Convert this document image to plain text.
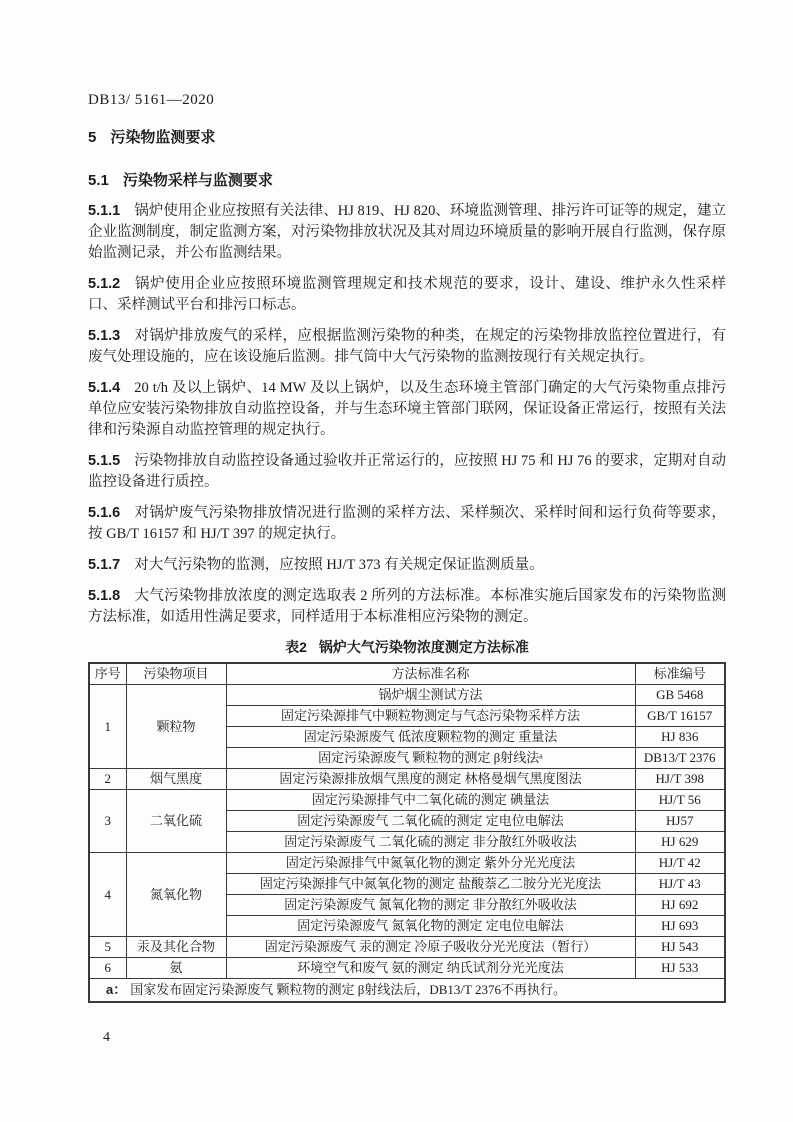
DB13/ 5161—2020
5 污染物监测要求
5.1 污染物采样与监测要求
5.1.1 锅炉使用企业应按照有关法律、HJ 819、HJ 820、环境监测管理、排污许可证等的规定，建立企业监测制度，制定监测方案，对污染物排放状况及其对周边环境质量的影响开展自行监测，保存原始监测记录，并公布监测结果。
5.1.2 锅炉使用企业应按照环境监测管理规定和技术规范的要求，设计、建设、维护永久性采样口、采样测试平台和排污口标志。
5.1.3 对锅炉排放废气的采样，应根据监测污染物的种类，在规定的污染物排放监控位置进行，有废气处理设施的，应在该设施后监测。排气筒中大气污染物的监测按现行有关规定执行。
5.1.4 20 t/h 及以上锅炉、14 MW 及以上锅炉，以及生态环境主管部门确定的大气污染物重点排污单位应安装污染物排放自动监控设备，并与生态环境主管部门联网，保证设备正常运行，按照有关法律和污染源自动监控管理的规定执行。
5.1.5 污染物排放自动监控设备通过验收并正常运行的，应按照 HJ 75 和 HJ 76 的要求，定期对自动监控设备进行质控。
5.1.6 对锅炉废气污染物排放情况进行监测的采样方法、采样频次、采样时间和运行负荷等要求，按 GB/T 16157 和 HJ/T 397 的规定执行。
5.1.7 对大气污染物的监测，应按照 HJ/T 373 有关规定保证监测质量。
5.1.8 大气污染物排放浓度的测定选取表 2 所列的方法标准。本标准实施后国家发布的污染物监测方法标准，如适用性满足要求，同样适用于本标准相应污染物的测定。
表2 锅炉大气污染物浓度测定方法标准
序号	污染物项目	方法标准名称	标准编号
1	颗粒物	锅炉烟尘测试方法	GB 5468
		固定污染源排气中颗粒物测定与气态污染物采样方法	GB/T 16157
		固定污染源废气 低浓度颗粒物的测定 重量法	HJ 836
		固定污染源废气 颗粒物的测定 β射线法ᵃ	DB13/T 2376
2	烟气黑度	固定污染源排放烟气黑度的测定 林格曼烟气黑度图法	HJ/T 398
3	二氧化硫	固定污染源排气中二氧化硫的测定 碘量法	HJ/T 56
		固定污染源废气 二氧化硫的测定 定电位电解法	HJ57
		固定污染源废气 二氧化硫的测定 非分散红外吸收法	HJ 629
4	氮氧化物	固定污染源排气中氮氧化物的测定 紫外分光光度法	HJ/T 42
		固定污染源排气中氮氧化物的测定 盐酸萘乙二胺分光光度法	HJ/T 43
		固定污染源废气 氮氧化物的测定 非分散红外吸收法	HJ 692
		固定污染源废气 氮氧化物的测定 定电位电解法	HJ 693
5	汞及其化合物	固定污染源废气 汞的测定 冷原子吸收分光光度法（暂行）	HJ 543
6	氨	环境空气和废气 氨的测定 纳氏试剂分光光度法	HJ 533
a： 国家发布固定污染源废气 颗粒物的测定 β射线法后，DB13/T 2376不再执行。			
4
